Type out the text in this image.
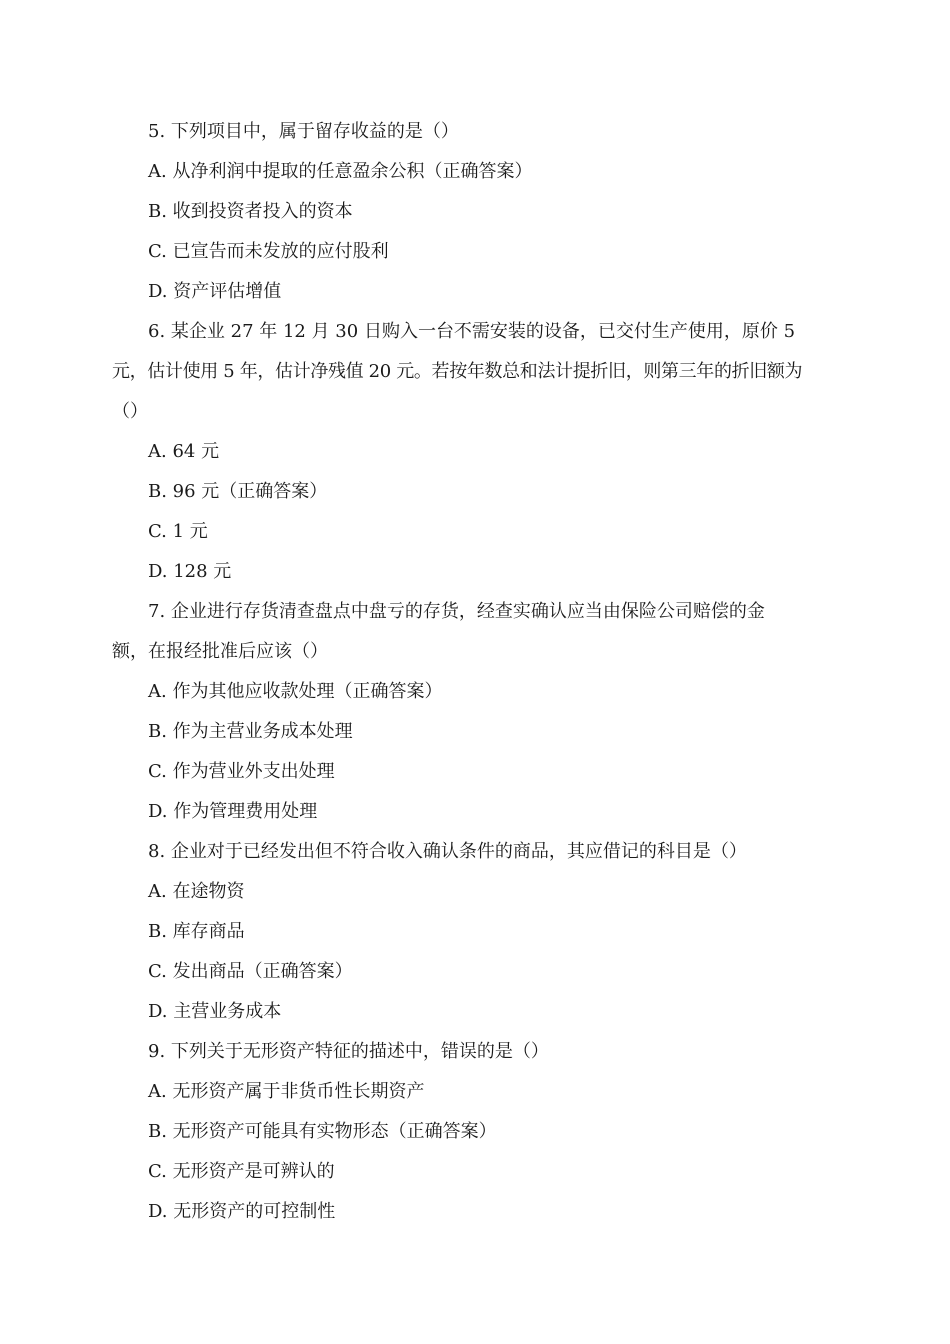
5. 下列项目中，属于留存收益的是（）
A. 从净利润中提取的任意盈余公积（正确答案）
B. 收到投资者投入的资本
C. 已宣告而未发放的应付股利
D. 资产评估增值
6. 某企业 27 年 12 月 30 日购入一台不需安装的设备，已交付生产使用，原价 5
元，估计使用 5 年，估计净残值 20 元。若按年数总和法计提折旧，则第三年的折旧额为
（）
A. 64 元
B. 96 元（正确答案）
C. 1 元
D. 128 元
7. 企业进行存货清查盘点中盘亏的存货，经查实确认应当由保险公司赔偿的金
额，在报经批准后应该（）
A. 作为其他应收款处理（正确答案）
B. 作为主营业务成本处理
C. 作为营业外支出处理
D. 作为管理费用处理
8. 企业对于已经发出但不符合收入确认条件的商品，其应借记的科目是（）
A. 在途物资
B. 库存商品
C. 发出商品（正确答案）
D. 主营业务成本
9. 下列关于无形资产特征的描述中，错误的是（）
A. 无形资产属于非货币性长期资产
B. 无形资产可能具有实物形态（正确答案）
C. 无形资产是可辨认的
D. 无形资产的可控制性
